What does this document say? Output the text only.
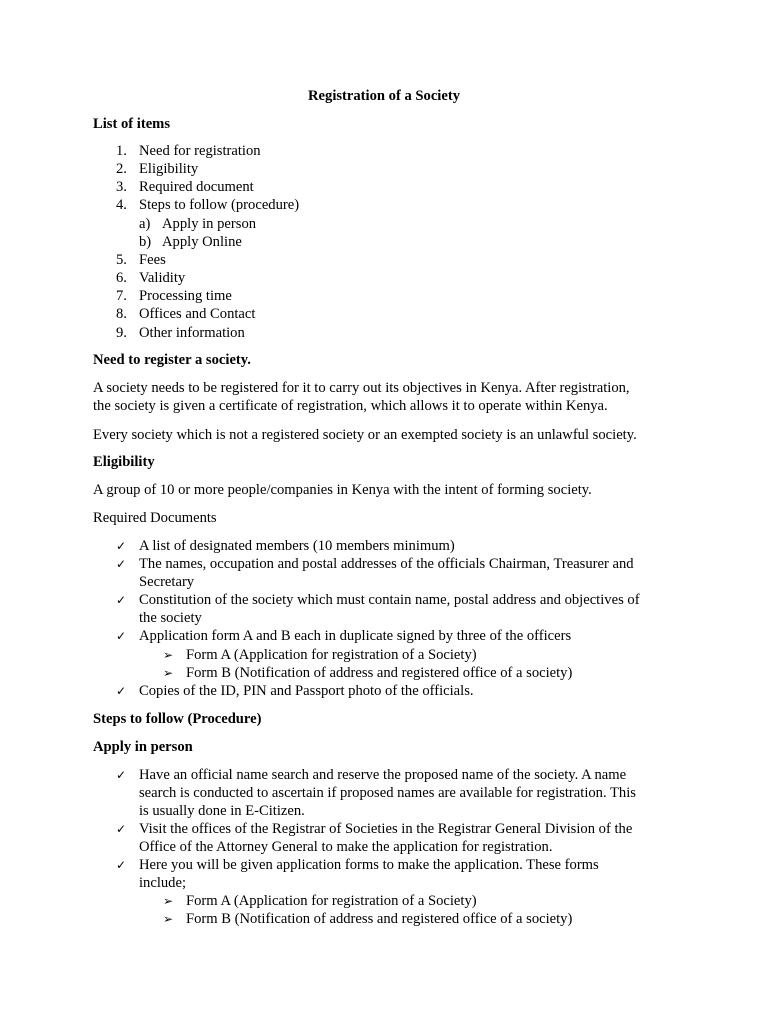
Registration of a Society
List of items
1. Need for registration
2. Eligibility
3. Required document
4. Steps to follow (procedure)
a) Apply in person
b) Apply Online
5. Fees
6. Validity
7. Processing time
8. Offices and Contact
9. Other information
Need to register a society.
A society needs to be registered for it to carry out its objectives in Kenya. After registration,
the society is given a certificate of registration, which allows it to operate within Kenya.
Every society which is not a registered society or an exempted society is an unlawful society.
Eligibility
A group of 10 or more people/companies in Kenya with the intent of forming society.
Required Documents
✓ A list of designated members (10 members minimum)
✓ The names, occupation and postal addresses of the officials Chairman, Treasurer and
Secretary
✓ Constitution of the society which must contain name, postal address and objectives of
the society
✓ Application form A and B each in duplicate signed by three of the officers
➢ Form A (Application for registration of a Society)
➢ Form B (Notification of address and registered office of a society)
✓ Copies of the ID, PIN and Passport photo of the officials.
Steps to follow (Procedure)
Apply in person
✓ Have an official name search and reserve the proposed name of the society. A name
search is conducted to ascertain if proposed names are available for registration. This
is usually done in E-Citizen.
✓ Visit the offices of the Registrar of Societies in the Registrar General Division of the
Office of the Attorney General to make the application for registration.
✓ Here you will be given application forms to make the application. These forms
include;
➢ Form A (Application for registration of a Society)
➢ Form B (Notification of address and registered office of a society)
